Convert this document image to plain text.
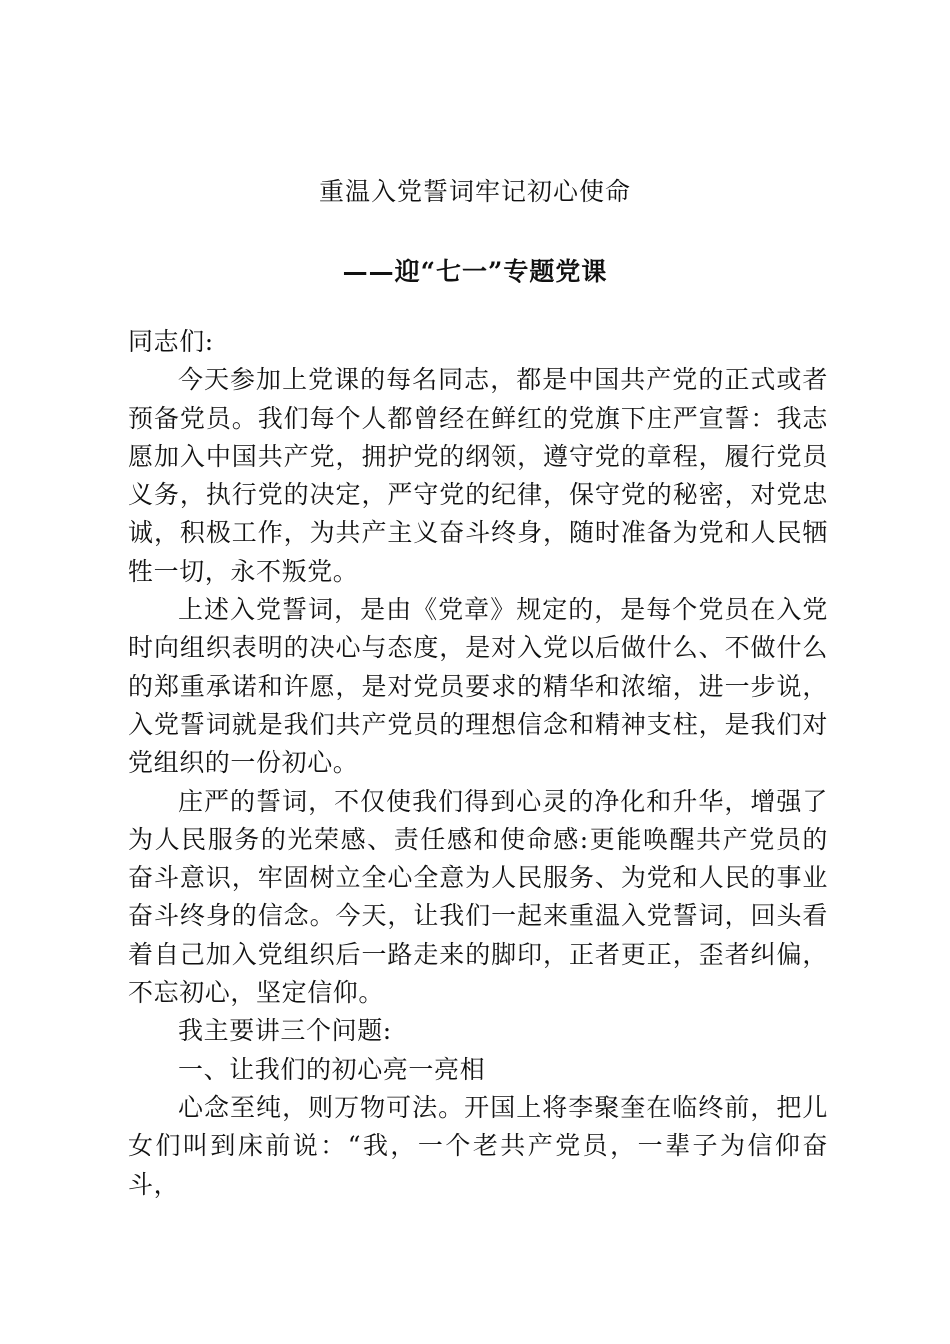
重温入党誓词牢记初心使命
——迎“七一”专题党课

同志们:

今天参加上党课的每名同志，都是中国共产党的正式或者预备党员。我们每个人都曾经在鲜红的党旗下庄严宣誓：我志愿加入中国共产党，拥护党的纲领，遵守党的章程，履行党员义务，执行党的决定，严守党的纪律，保守党的秘密，对党忠诚，积极工作，为共产主义奋斗终身，随时准备为党和人民牺牲一切，永不叛党。

上述入党誓词，是由《党章》规定的，是每个党员在入党时向组织表明的决心与态度，是对入党以后做什么、不做什么的郑重承诺和许愿，是对党员要求的精华和浓缩，进一步说，入党誓词就是我们共产党员的理想信念和精神支柱，是我们对党组织的一份初心。

庄严的誓词，不仅使我们得到心灵的净化和升华，增强了为人民服务的光荣感、责任感和使命感:更能唤醒共产党员的奋斗意识，牢固树立全心全意为人民服务、为党和人民的事业奋斗终身的信念。今天，让我们一起来重温入党誓词，回头看着自己加入党组织后一路走来的脚印，正者更正，歪者纠偏，不忘初心，坚定信仰。

我主要讲三个问题:

一、让我们的初心亮一亮相

心念至纯，则万物可法。开国上将李聚奎在临终前，把儿女们叫到床前说：“我，一个老共产党员，一辈子为信仰奋斗，
